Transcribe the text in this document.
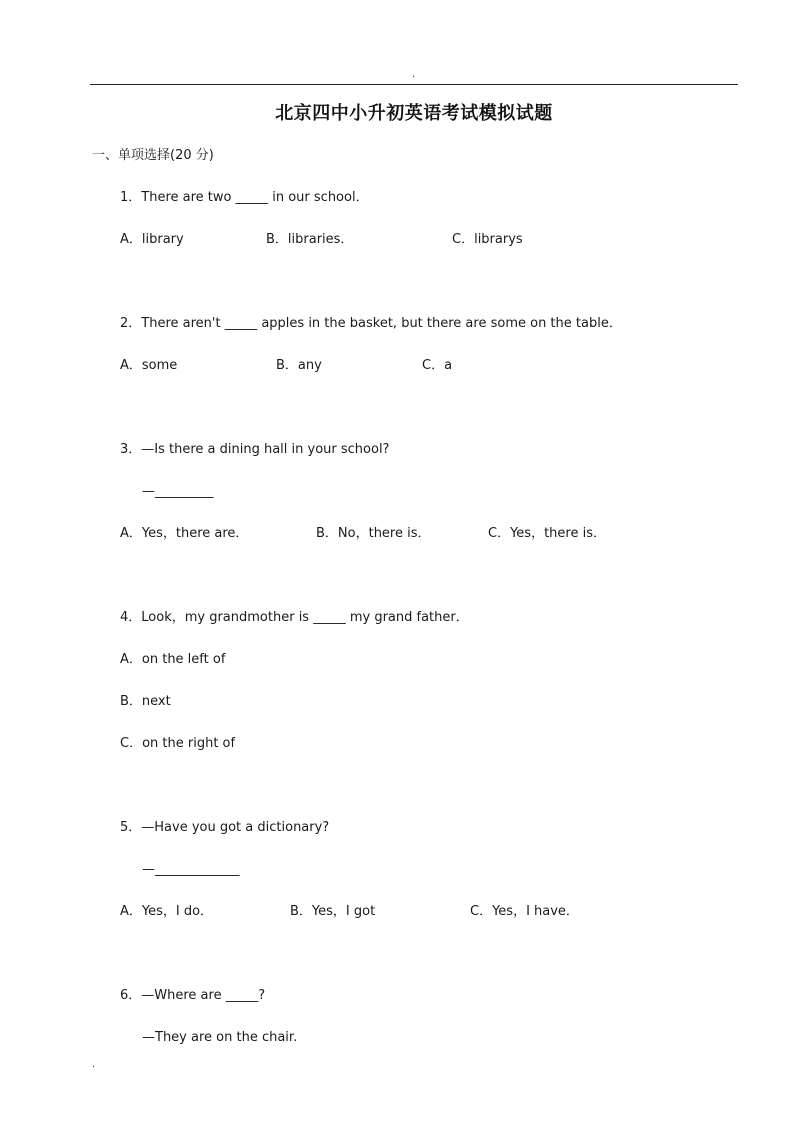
.
北京四中小升初英语考试模拟试题
一、单项选择(20 分)
1．There are two _____ in our school．
A．library	B．libraries．	C．librarys
2．There aren't _____ apples in the basket, but there are some on the table．
A．some	B．any	C．a
3．—Is there a dining hall in your school?
—_________
A．Yes，there are．	B．No，there is．	C．Yes，there is．
4．Look，my grandmother is _____ my grand father．
A．on the left of
B．next
C．on the right of
5．—Have you got a dictionary?
—_____________
A．Yes，I do．	B．Yes，I got	C．Yes，I have．
6．—Where are _____?
—They are on the chair.
.
